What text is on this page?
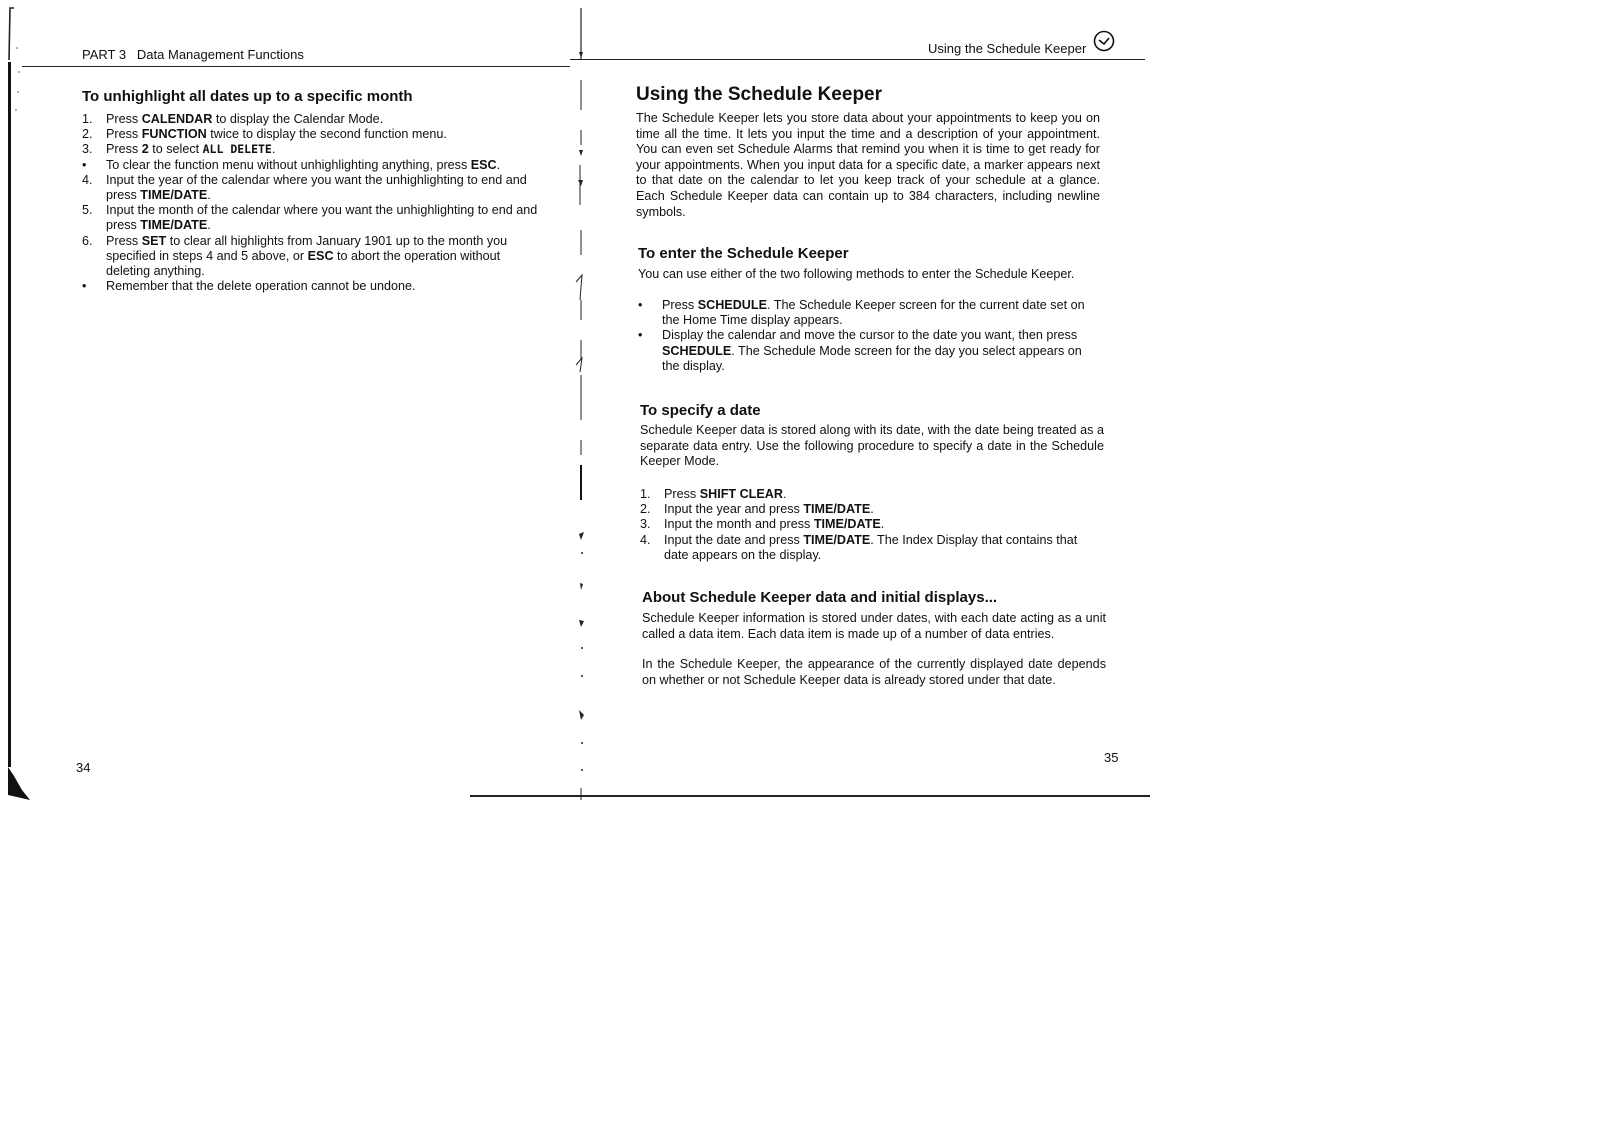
PART 3 Data Management Functions
To unhighlight all dates up to a specific month
1.	Press CALENDAR to display the Calendar Mode.
2.	Press FUNCTION twice to display the second function menu.
3.	Press 2 to select ALL DELETE.
•	To clear the function menu without unhighlighting anything, press ESC.
4.	Input the year of the calendar where you want the unhighlighting to end and press TIME/DATE.
5.	Input the month of the calendar where you want the unhighlighting to end and press TIME/DATE.
6.	Press SET to clear all highlights from January 1901 up to the month you specified in steps 4 and 5 above, or ESC to abort the operation without deleting anything.
•	Remember that the delete operation cannot be undone.
34
Using the Schedule Keeper
Using the Schedule Keeper
The Schedule Keeper lets you store data about your appointments to keep you on time all the time. It lets you input the time and a description of your appointment. You can even set Schedule Alarms that remind you when it is time to get ready for your appointments. When you input data for a specific date, a marker appears next to that date on the calendar to let you keep track of your schedule at a glance. Each Schedule Keeper data can contain up to 384 characters, including newline symbols.
To enter the Schedule Keeper
You can use either of the two following methods to enter the Schedule Keeper.
•	Press SCHEDULE. The Schedule Keeper screen for the current date set on the Home Time display appears.
•	Display the calendar and move the cursor to the date you want, then press SCHEDULE. The Schedule Mode screen for the day you select appears on the display.
To specify a date
Schedule Keeper data is stored along with its date, with the date being treated as a separate data entry. Use the following procedure to specify a date in the Schedule Keeper Mode.
1.	Press SHIFT CLEAR.
2.	Input the year and press TIME/DATE.
3.	Input the month and press TIME/DATE.
4.	Input the date and press TIME/DATE. The Index Display that contains that date appears on the display.
About Schedule Keeper data and initial displays...
Schedule Keeper information is stored under dates, with each date acting as a unit called a data item. Each data item is made up of a number of data entries.
In the Schedule Keeper, the appearance of the currently displayed date depends on whether or not Schedule Keeper data is already stored under that date.
35
